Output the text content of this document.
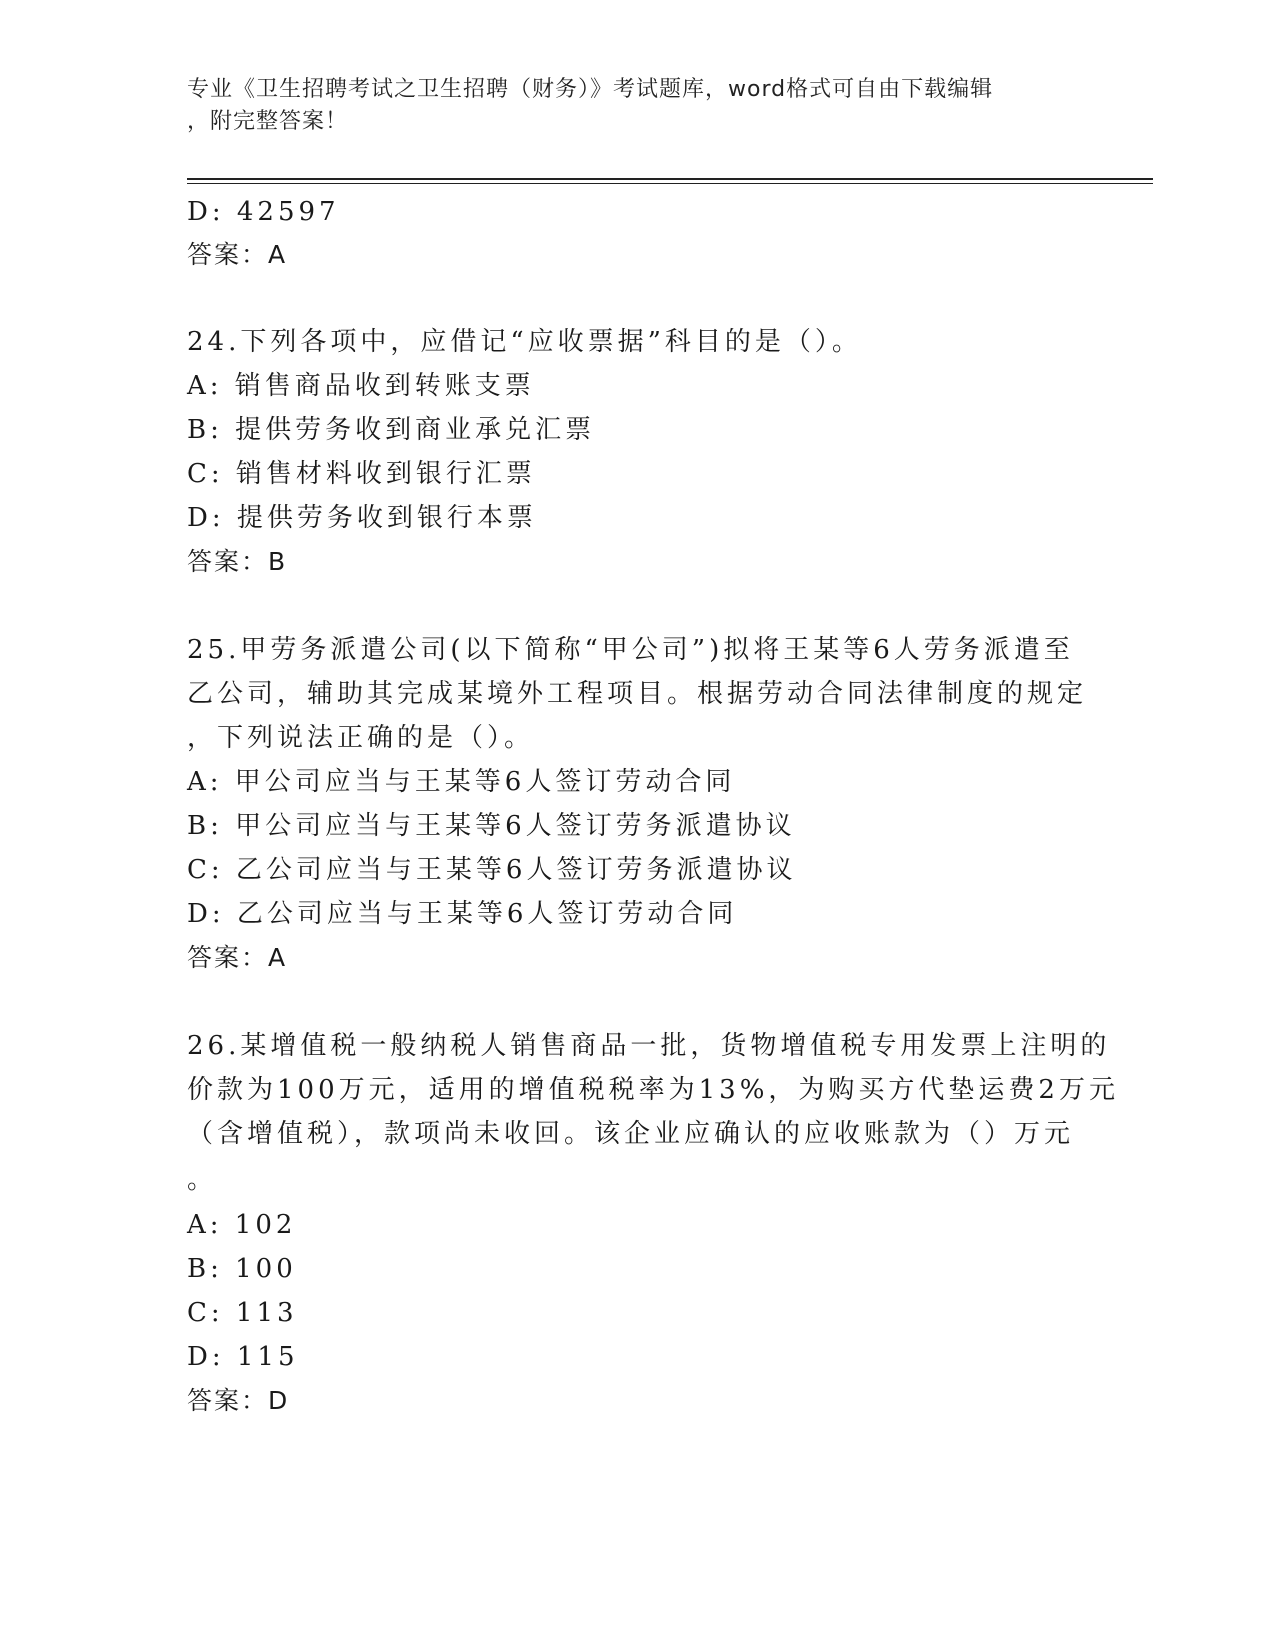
专业《卫生招聘考试之卫生招聘（财务）》考试题库，word格式可自由下载编辑
，附完整答案！
D: 42597
答案：A
24.下列各项中，应借记“应收票据”科目的是（）。
A: 销售商品收到转账支票
B: 提供劳务收到商业承兑汇票
C: 销售材料收到银行汇票
D: 提供劳务收到银行本票
答案：B
25.甲劳务派遣公司(以下简称“甲公司”)拟将王某等6人劳务派遣至
乙公司，辅助其完成某境外工程项目。根据劳动合同法律制度的规定
，下列说法正确的是（）。
A: 甲公司应当与王某等6人签订劳动合同
B: 甲公司应当与王某等6人签订劳务派遣协议
C: 乙公司应当与王某等6人签订劳务派遣协议
D: 乙公司应当与王某等6人签订劳动合同
答案：A
26.某增值税一般纳税人销售商品一批，货物增值税专用发票上注明的
价款为100万元，适用的增值税税率为13%，为购买方代垫运费2万元
（含增值税），款项尚未收回。该企业应确认的应收账款为（）万元
。
A: 102
B: 100
C: 113
D: 115
答案：D
